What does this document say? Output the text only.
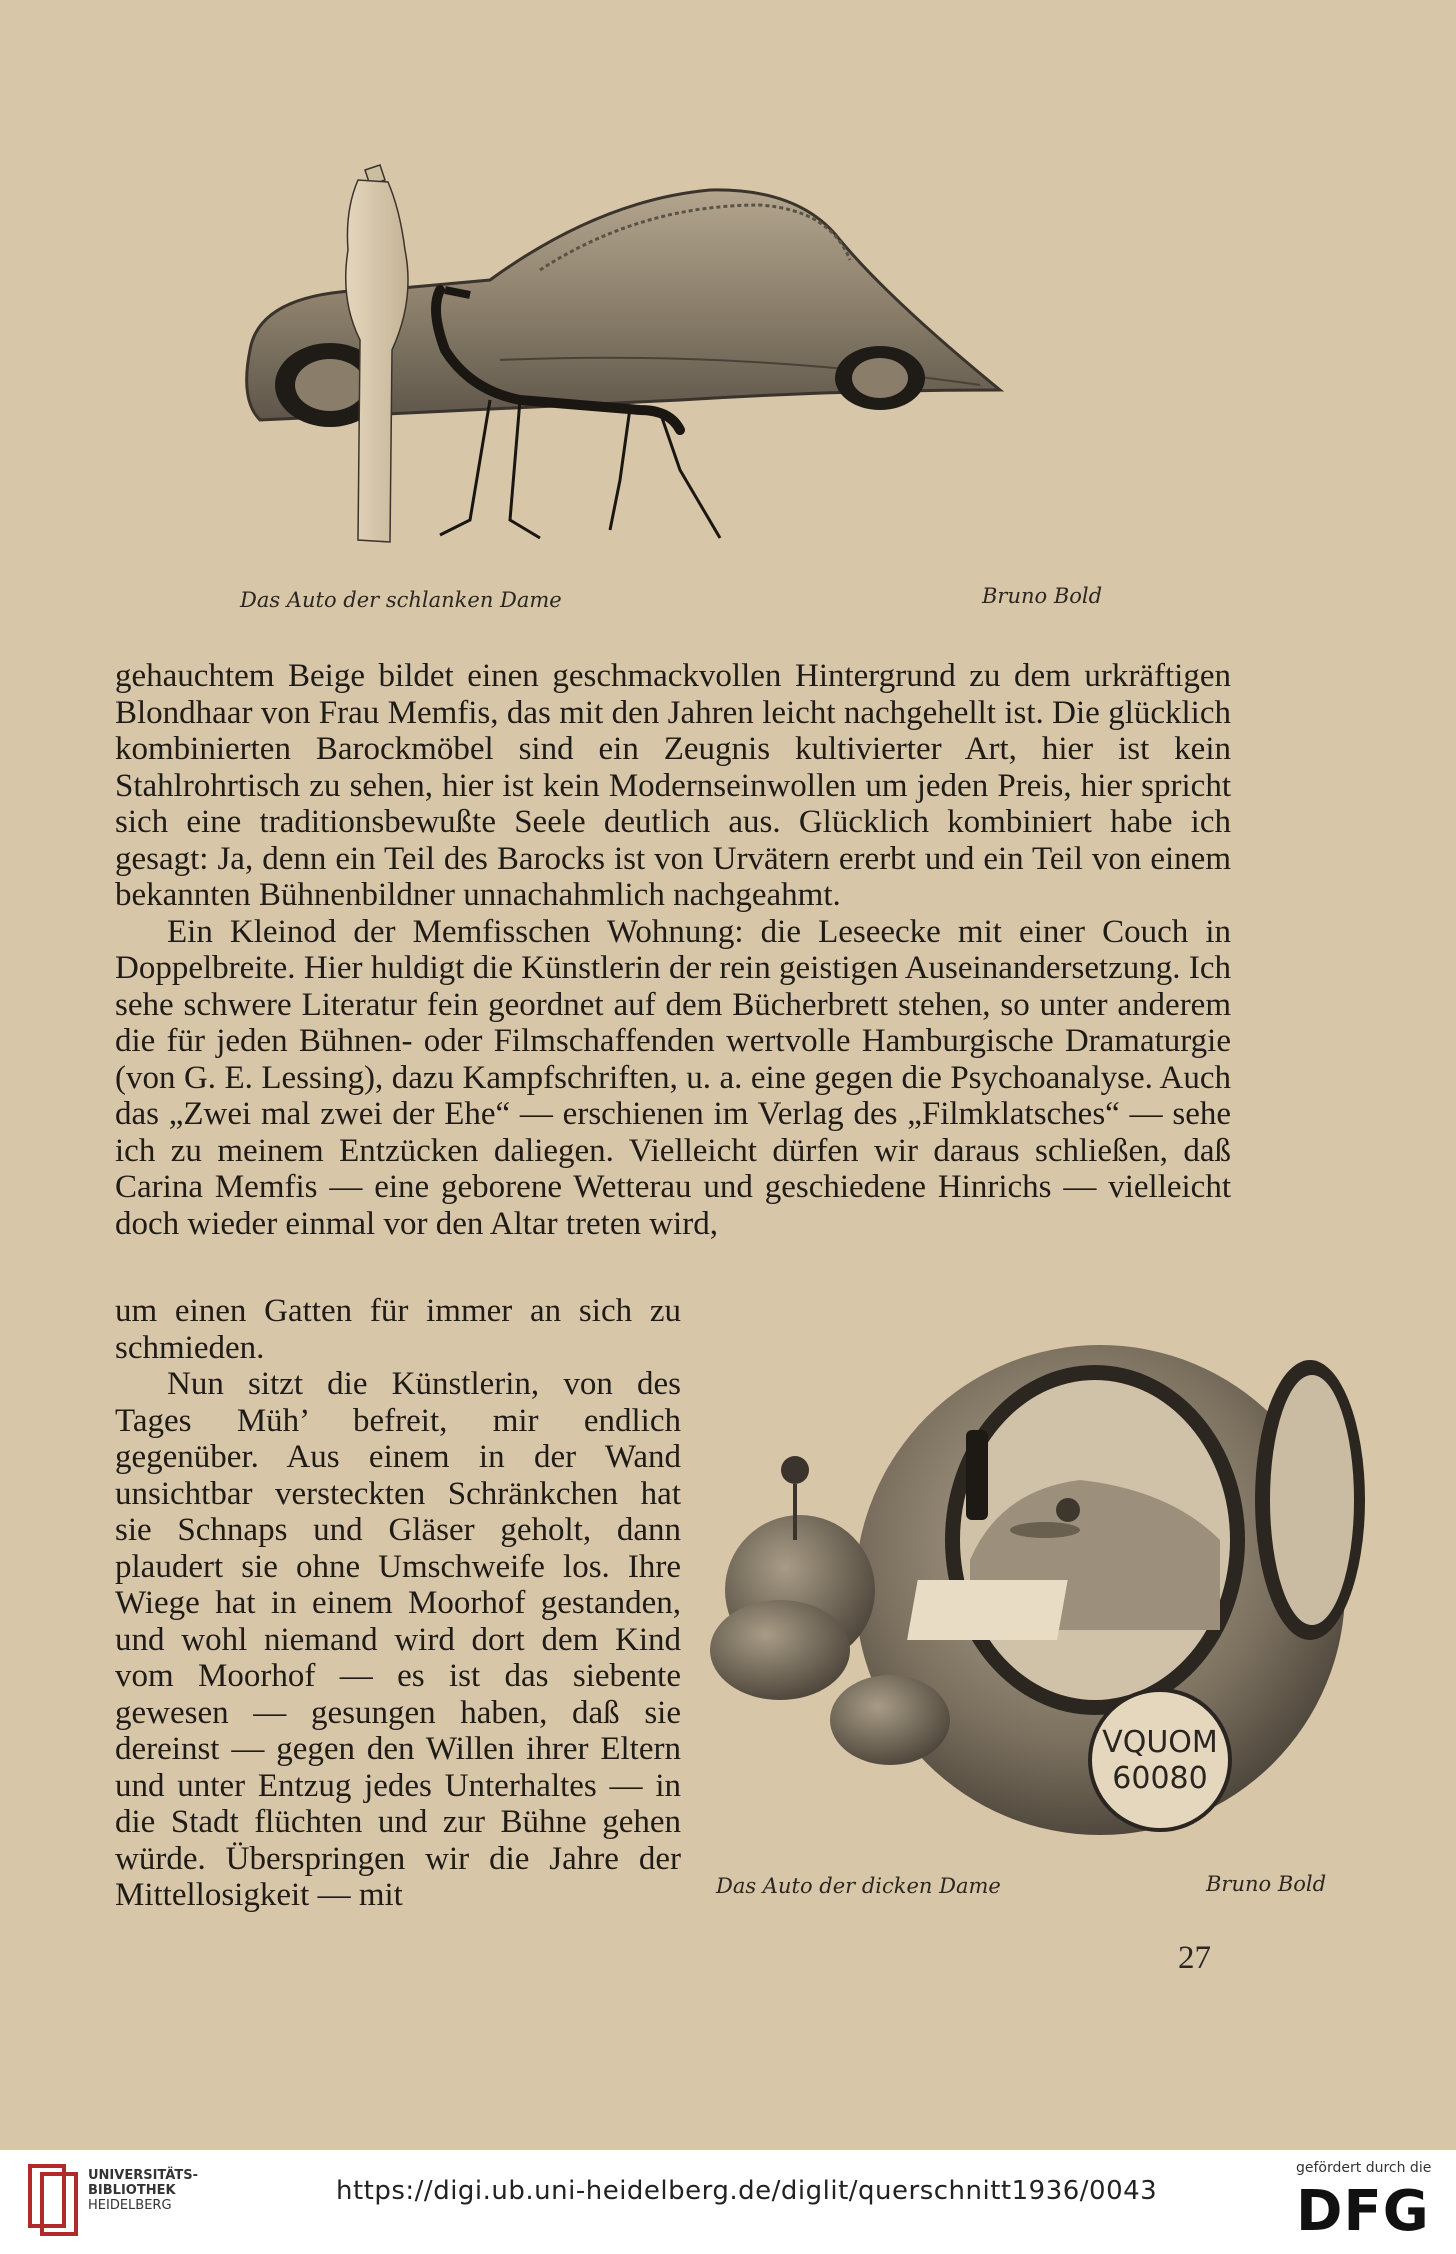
Das Auto der schlanken Dame	Bruno Bold

gehauchtem Beige bildet einen geschmackvollen Hintergrund zu dem urkräftigen Blondhaar von Frau Memfis, das mit den Jahren leicht nachgehellt ist. Die glücklich kombinierten Barockmöbel sind ein Zeugnis kultivierter Art, hier ist kein Stahlrohrtisch zu sehen, hier ist kein Modernseinwollen um jeden Preis, hier spricht sich eine traditionsbewußte Seele deutlich aus. Glücklich kombiniert habe ich gesagt: Ja, denn ein Teil des Barocks ist von Urvätern ererbt und ein Teil von einem bekannten Bühnenbildner unnachahmlich nachgeahmt.

Ein Kleinod der Memfisschen Wohnung: die Leseecke mit einer Couch in Doppelbreite. Hier huldigt die Künstlerin der rein geistigen Auseinandersetzung. Ich sehe schwere Literatur fein geordnet auf dem Bücherbrett stehen, so unter anderem die für jeden Bühnen- oder Filmschaffenden wertvolle Hamburgische Dramaturgie (von G. E. Lessing), dazu Kampfschriften, u. a. eine gegen die Psychoanalyse. Auch das „Zwei mal zwei der Ehe“ — erschienen im Verlag des „Filmklatsches“ — sehe ich zu meinem Entzücken daliegen. Vielleicht dürfen wir daraus schließen, daß Carina Memfis — eine geborene Wetterau und geschiedene Hinrichs — vielleicht doch wieder einmal vor den Altar treten wird,

um einen Gatten für immer an sich zu schmieden.

Nun sitzt die Künstlerin, von des Tages Müh’ befreit, mir endlich gegenüber. Aus einem in der Wand unsichtbar versteckten Schränkchen hat sie Schnaps und Gläser geholt, dann plaudert sie ohne Umschweife los. Ihre Wiege hat in einem Moorhof gestanden, und wohl niemand wird dort dem Kind vom Moorhof — es ist das siebente gewesen — gesungen haben, daß sie dereinst — gegen den Willen ihrer Eltern und unter Entzug jedes Unterhaltes — in die Stadt flüchten und zur Bühne gehen würde. Überspringen wir die Jahre der Mittellosigkeit — mit

VQUOM
60080
Das Auto der dicken Dame	Bruno Bold
27
UNIVERSITÄTS-
BIBLIOTHEK
HEIDELBERG	https://digi.ub.uni-heidelberg.de/diglit/querschnitt1936/0043
gefördert durch die
DFG
